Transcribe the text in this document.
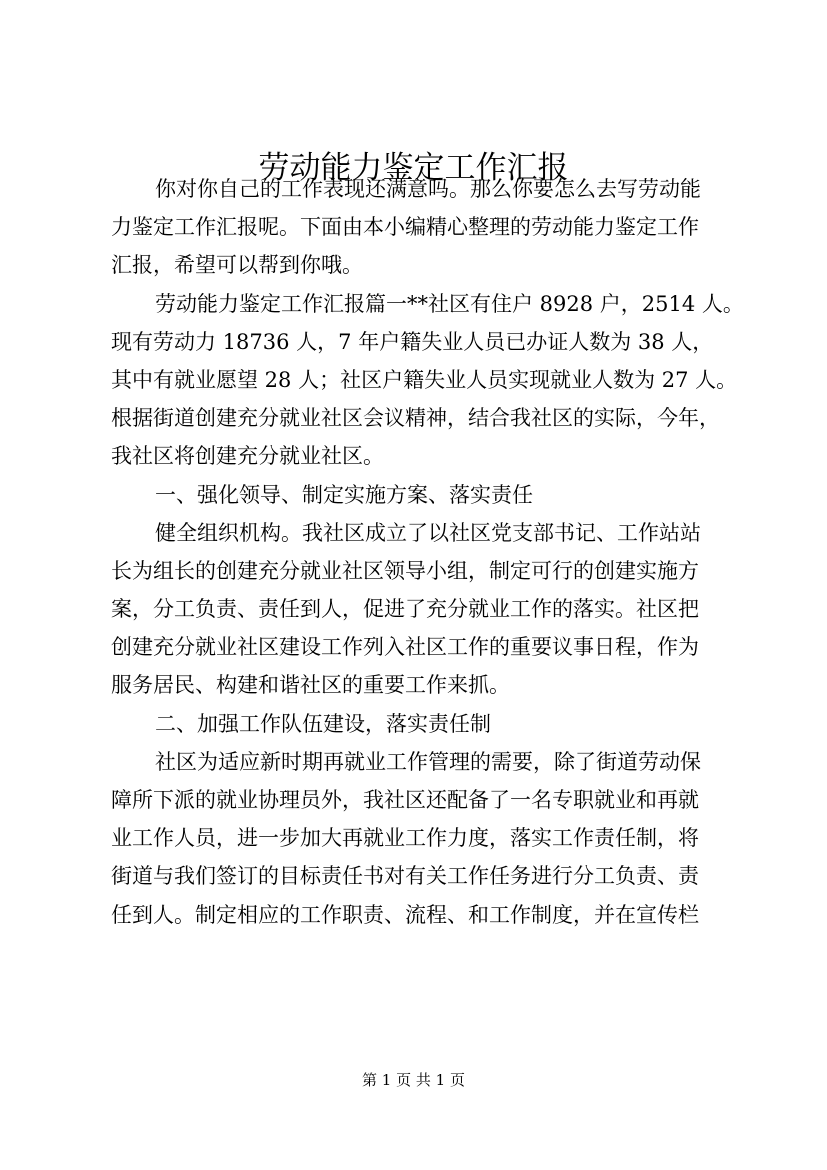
劳动能力鉴定工作汇报
你对你自己的工作表现还满意吗。那么你要怎么去写劳动能
力鉴定工作汇报呢。下面由本小编精心整理的劳动能力鉴定工作
汇报，希望可以帮到你哦。
劳动能力鉴定工作汇报篇一**社区有住户 8928 户，2514 人。
现有劳动力 18736 人，7 年户籍失业人员已办证人数为 38 人，
其中有就业愿望 28 人；社区户籍失业人员实现就业人数为 27 人。
根据街道创建充分就业社区会议精神，结合我社区的实际，今年，
我社区将创建充分就业社区。
一、强化领导、制定实施方案、落实责任
健全组织机构。我社区成立了以社区党支部书记、工作站站
长为组长的创建充分就业社区领导小组，制定可行的创建实施方
案，分工负责、责任到人，促进了充分就业工作的落实。社区把
创建充分就业社区建设工作列入社区工作的重要议事日程，作为
服务居民、构建和谐社区的重要工作来抓。
二、加强工作队伍建设，落实责任制
社区为适应新时期再就业工作管理的需要，除了街道劳动保
障所下派的就业协理员外，我社区还配备了一名专职就业和再就
业工作人员，进一步加大再就业工作力度，落实工作责任制，将
街道与我们签订的目标责任书对有关工作任务进行分工负责、责
任到人。制定相应的工作职责、流程、和工作制度，并在宣传栏
第 1 页 共 1 页
